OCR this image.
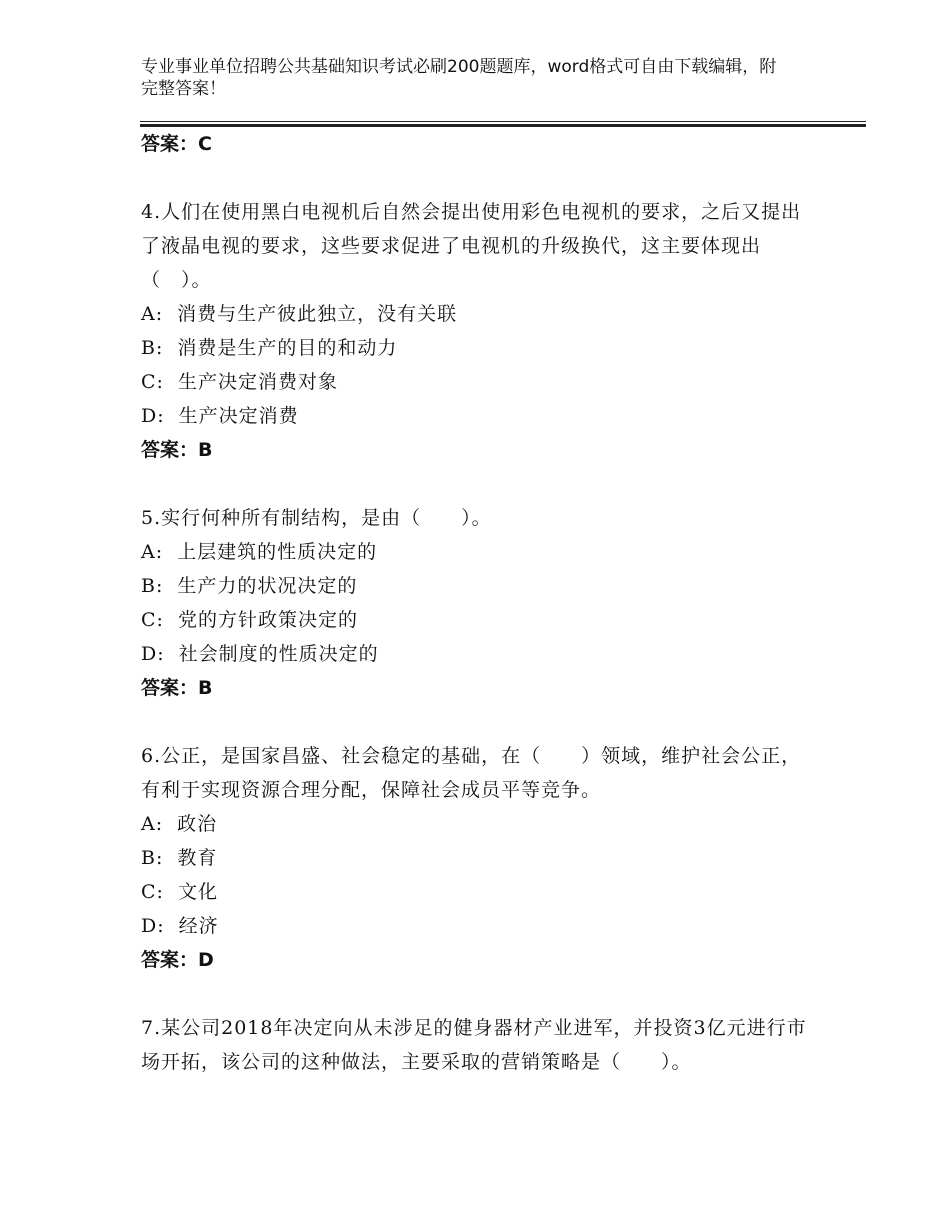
专业事业单位招聘公共基础知识考试必刷200题题库，word格式可自由下载编辑，附完整答案！
答案：C
4.人们在使用黑白电视机后自然会提出使用彩色电视机的要求，之后又提出了液晶电视的要求，这些要求促进了电视机的升级换代，这主要体现出（　）。
A: 消费与生产彼此独立，没有关联
B: 消费是生产的目的和动力
C: 生产决定消费对象
D: 生产决定消费
答案：B
5.实行何种所有制结构，是由（　　）。
A: 上层建筑的性质决定的
B: 生产力的状况决定的
C: 党的方针政策决定的
D: 社会制度的性质决定的
答案：B
6.公正，是国家昌盛、社会稳定的基础，在（　　）领域，维护社会公正，有利于实现资源合理分配，保障社会成员平等竞争。
A: 政治
B: 教育
C: 文化
D: 经济
答案：D
7.某公司2018年决定向从未涉足的健身器材产业进军，并投资3亿元进行市场开拓，该公司的这种做法，主要采取的营销策略是（　　）。
